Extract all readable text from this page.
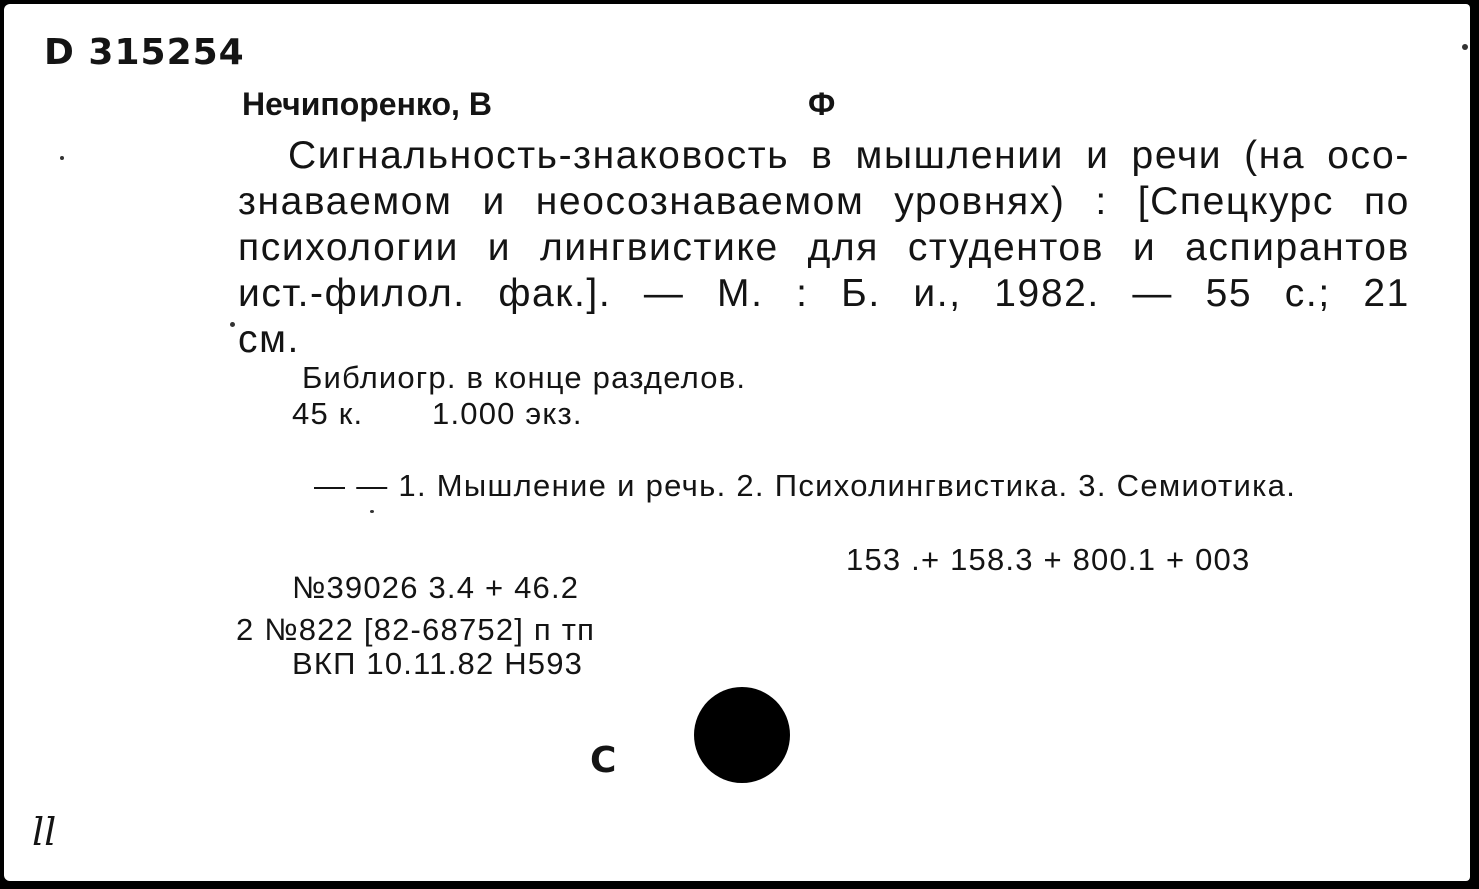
D 315254
Нечипоренко, В	Ф
Сигнальность-знаковость в мышлении и речи (на осо-
знаваемом и неосознаваемом уровнях) : [Спецкурс по
психологии и лингвистике для студентов и аспирантов
ист.-филол. фак.]. — М. : Б. и., 1982. — 55 с.; 21
см.
Библиогр. в конце разделов.
45 к. 1.000 экз.
— — 1. Мышление и речь. 2. Психолингвистика. 3. Семиотика.
153 .+ 158.3 + 800.1 + 003
№39026 3.4 + 46.2
2 №822 [82-68752] п тп
ВКП 10.11.82 Н593
С
ll
